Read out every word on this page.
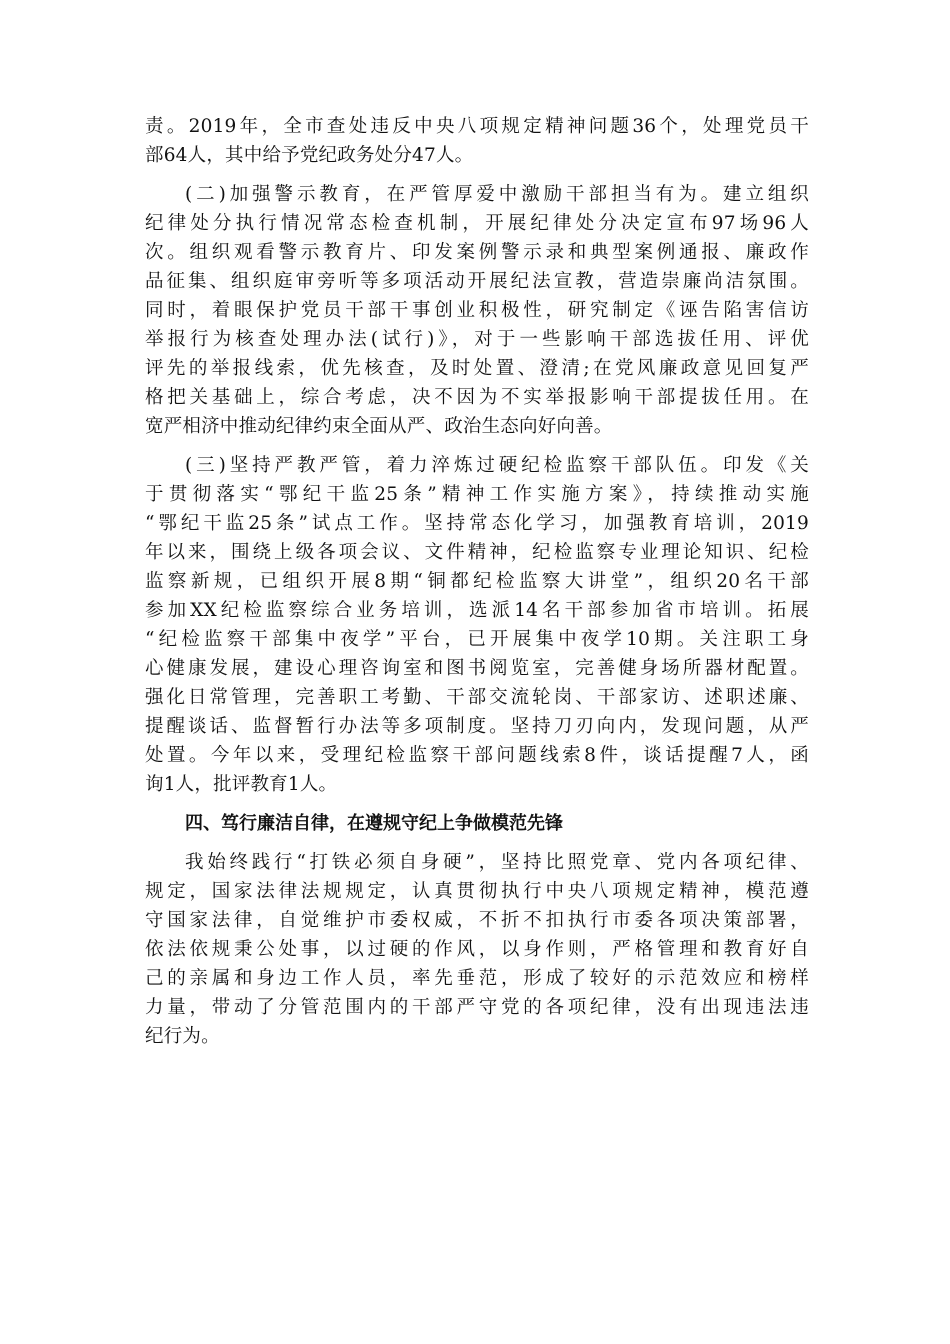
责。2019年，全市查处违反中央八项规定精神问题36个，处理党员干
部64人，其中给予党纪政务处分47人。
(二)加强警示教育，在严管厚爱中激励干部担当有为。建立组织
纪律处分执行情况常态检查机制，开展纪律处分决定宣布97场96人
次。组织观看警示教育片、印发案例警示录和典型案例通报、廉政作
品征集、组织庭审旁听等多项活动开展纪法宣教，营造崇廉尚洁氛围。
同时，着眼保护党员干部干事创业积极性，研究制定《诬告陷害信访
举报行为核查处理办法(试行)》，对于一些影响干部选拔任用、评优
评先的举报线索，优先核查，及时处置、澄清;在党风廉政意见回复严
格把关基础上，综合考虑，决不因为不实举报影响干部提拔任用。在
宽严相济中推动纪律约束全面从严、政治生态向好向善。
(三)坚持严教严管，着力淬炼过硬纪检监察干部队伍。印发《关
于贯彻落实“鄂纪干监25条”精神工作实施方案》，持续推动实施
“鄂纪干监25条”试点工作。坚持常态化学习，加强教育培训，2019
年以来，围绕上级各项会议、文件精神，纪检监察专业理论知识、纪检
监察新规，已组织开展8期“铜都纪检监察大讲堂”，组织20名干部
参加XX纪检监察综合业务培训，选派14名干部参加省市培训。拓展
“纪检监察干部集中夜学”平台，已开展集中夜学10期。关注职工身
心健康发展，建设心理咨询室和图书阅览室，完善健身场所器材配置。
强化日常管理，完善职工考勤、干部交流轮岗、干部家访、述职述廉、
提醒谈话、监督暂行办法等多项制度。坚持刀刃向内，发现问题，从严
处置。今年以来，受理纪检监察干部问题线索8件，谈话提醒7人，函
询1人，批评教育1人。
四、笃行廉洁自律，在遵规守纪上争做模范先锋
我始终践行“打铁必须自身硬”，坚持比照党章、党内各项纪律、
规定，国家法律法规规定，认真贯彻执行中央八项规定精神，模范遵
守国家法律，自觉维护市委权威，不折不扣执行市委各项决策部署，
依法依规秉公处事，以过硬的作风，以身作则，严格管理和教育好自
己的亲属和身边工作人员，率先垂范，形成了较好的示范效应和榜样
力量，带动了分管范围内的干部严守党的各项纪律，没有出现违法违
纪行为。
